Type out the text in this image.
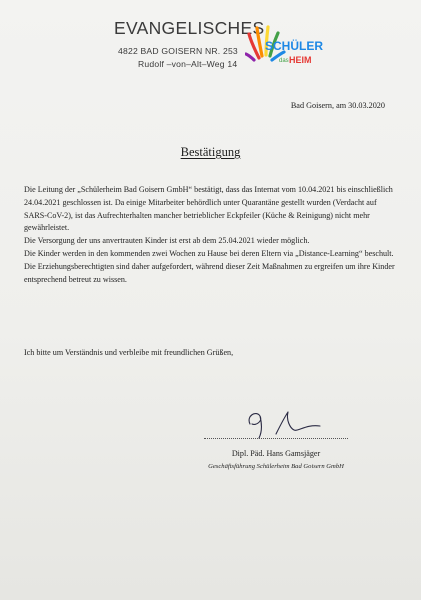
EVANGELISCHES
4822 BAD GOISERN NR. 253
Rudolf –von–Alt–Weg 14
SCHÜLER
das HEIM
Bad Goisern, am 30.03.2020
Bestätigung

Die Leitung der „Schülerheim Bad Goisern GmbH“ bestätigt, dass das Internat vom 10.04.2021 bis einschließlich 24.04.2021 geschlossen ist. Da einige Mitarbeiter behördlich unter Quarantäne gestellt wurden (Verdacht auf SARS-CoV-2), ist das Aufrechterhalten mancher betrieblicher Eckpfeiler (Küche & Reinigung) nicht mehr gewährleistet.

Die Versorgung der uns anvertrauten Kinder ist erst ab dem 25.04.2021 wieder möglich.

Die Kinder werden in den kommenden zwei Wochen zu Hause bei deren Eltern via „Distance-Learning“ beschult. Die Erziehungsberechtigten sind daher aufgefordert, während dieser Zeit Maßnahmen zu ergreifen um ihre Kinder entsprechend betreut zu wissen.

Ich bitte um Verständnis und verbleibe mit freundlichen Grüßen,
Dipl. Päd. Hans Gamsjäger
Geschäftsführung Schülerheim Bad Goisern GmbH
